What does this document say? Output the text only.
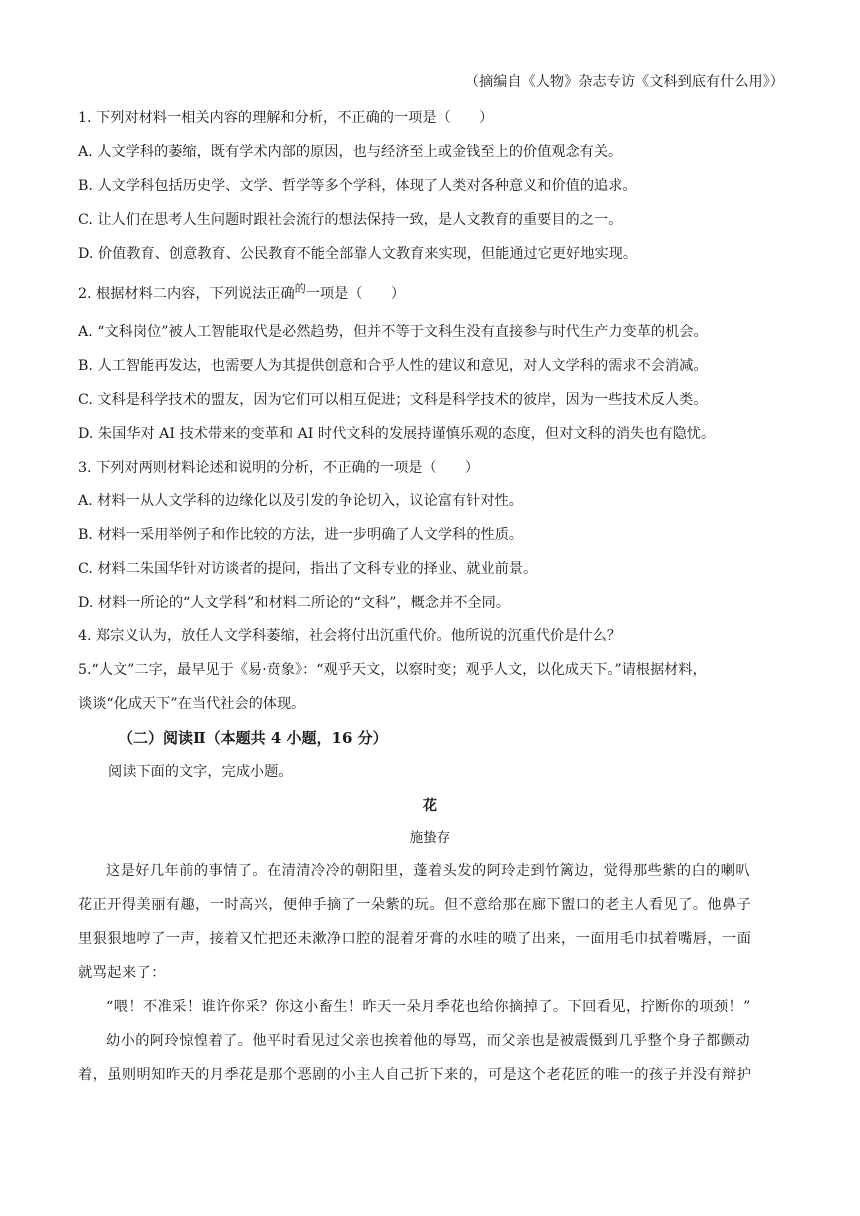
（摘编自《人物》杂志专访《文科到底有什么用》）
1. 下列对材料一相关内容的理解和分析，不正确的一项是（　　）
A. 人文学科的萎缩，既有学术内部的原因，也与经济至上或金钱至上的价值观念有关。
B. 人文学科包括历史学、文学、哲学等多个学科，体现了人类对各种意义和价值的追求。
C. 让人们在思考人生问题时跟社会流行的想法保持一致，是人文教育的重要目的之一。
D. 价值教育、创意教育、公民教育不能全部靠人文教育来实现，但能通过它更好地实现。
2. 根据材料二内容，下列说法正确$^的$一项是（　　）
A. “文科岗位”被人工智能取代是必然趋势，但并不等于文科生没有直接参与时代生产力变革的机会。
B. 人工智能再发达，也需要人为其提供创意和合乎人性的建议和意见，对人文学科的需求不会消减。
C. 文科是科学技术的盟友，因为它们可以相互促进；文科是科学技术的彼岸，因为一些技术反人类。
D. 朱国华对 AI 技术带来的变革和 AI 时代文科的发展持谨慎乐观的态度，但对文科的消失也有隐忧。
3. 下列对两则材料论述和说明的分析，不正确的一项是（　　）
A. 材料一从人文学科的边缘化以及引发的争论切入，议论富有针对性。
B. 材料一采用举例子和作比较的方法，进一步明确了人文学科的性质。
C. 材料二朱国华针对访谈者的提问，指出了文科专业的择业、就业前景。
D. 材料一所论的“人文学科”和材料二所论的“文科”，概念并不全同。
4. 郑宗义认为，放任人文学科萎缩，社会将付出沉重代价。他所说的沉重代价是什么？
5.“人文”二字，最早见于《易·贲象》：“观乎天文，以察时变；观乎人文，以化成天下。”请根据材料，
谈谈“化成天下”在当代社会的体现。
（二）阅读Ⅱ（本题共 4 小题，16 分）
阅读下面的文字，完成小题。
花
施蛰存
这是好几年前的事情了。在清清冷冷的朝阳里，蓬着头发的阿玲走到竹篱边，觉得那些紫的白的喇叭
花正开得美丽有趣，一时高兴，便伸手摘了一朵紫的玩。但不意给那在廊下盥口的老主人看见了。他鼻子
里狠狠地哼了一声，接着又忙把还未漱净口腔的混着牙膏的水哇的喷了出来，一面用毛巾拭着嘴唇，一面
就骂起来了：
“喂！不准采！谁许你采？你这小畜生！昨天一朵月季花也给你摘掉了。下回看见，拧断你的项颈！”
幼小的阿玲惊惶着了。他平时看见过父亲也挨着他的辱骂，而父亲也是被震慑到几乎整个身子都颤动
着，虽则明知昨天的月季花是那个恶剧的小主人自己折下来的，可是这个老花匠的唯一的孩子并没有辩护
